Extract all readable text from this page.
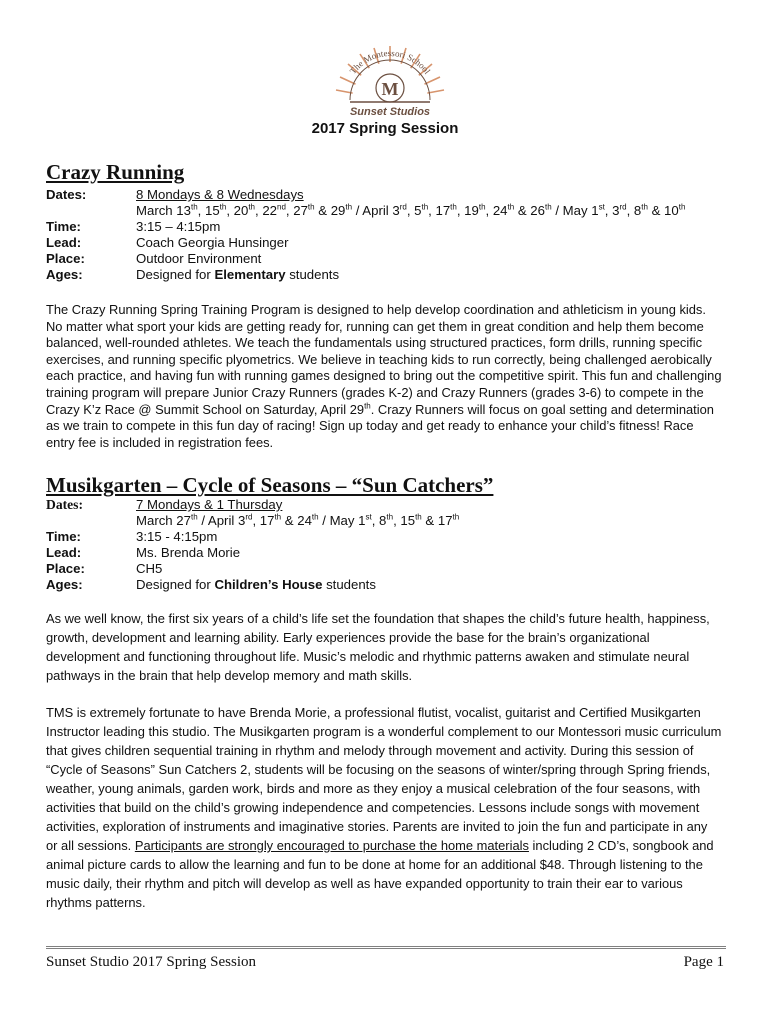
The Montessori School
M
Sunset Studios
2017 Spring Session
Crazy Running
Dates:	8 Mondays & 8 Wednesdays
March 13th, 15th, 20th, 22nd, 27th & 29th / April 3rd, 5th, 17th, 19th, 24th & 26th / May 1st, 3rd, 8th & 10th
Time:	3:15 – 4:15pm
Lead:	Coach Georgia Hunsinger
Place:	Outdoor Environment
Ages:	Designed for Elementary students
The Crazy Running Spring Training Program is designed to help develop coordination and athleticism in young kids. No matter what sport your kids are getting ready for, running can get them in great condition and help them become balanced, well-rounded athletes. We teach the fundamentals using structured practices, form drills, running specific exercises, and running specific plyometrics. We believe in teaching kids to run correctly, being challenged aerobically each practice, and having fun with running games designed to bring out the competitive spirit. This fun and challenging training program will prepare Junior Crazy Runners (grades K-2) and Crazy Runners (grades 3-6) to compete in the Crazy K’z Race @ Summit School on Saturday, April 29th. Crazy Runners will focus on goal setting and determination as we train to compete in this fun day of racing! Sign up today and get ready to enhance your child’s fitness! Race entry fee is included in registration fees.
Musikgarten – Cycle of Seasons – “Sun Catchers”
Dates:	7 Mondays & 1 Thursday
March 27th / April 3rd, 17th & 24th / May 1st, 8th, 15th & 17th
Time:	3:15 - 4:15pm
Lead:	Ms. Brenda Morie
Place:	CH5
Ages:	Designed for Children’s House students
As we well know, the first six years of a child’s life set the foundation that shapes the child’s future health, happiness, growth, development and learning ability. Early experiences provide the base for the brain’s organizational development and functioning throughout life. Music’s melodic and rhythmic patterns awaken and stimulate neural pathways in the brain that help develop memory and math skills.
TMS is extremely fortunate to have Brenda Morie, a professional flutist, vocalist, guitarist and Certified Musikgarten Instructor leading this studio. The Musikgarten program is a wonderful complement to our Montessori music curriculum that gives children sequential training in rhythm and melody through movement and activity. During this session of “Cycle of Seasons” Sun Catchers 2, students will be focusing on the seasons of winter/spring through Spring friends, weather, young animals, garden work, birds and more as they enjoy a musical celebration of the four seasons, with activities that build on the child’s growing independence and competencies. Lessons include songs with movement activities, exploration of instruments and imaginative stories. Parents are invited to join the fun and participate in any or all sessions. Participants are strongly encouraged to purchase the home materials including 2 CD’s, songbook and animal picture cards to allow the learning and fun to be done at home for an additional $48. Through listening to the music daily, their rhythm and pitch will develop as well as have expanded opportunity to train their ear to various rhythms patterns.
Sunset Studio 2017 Spring Session	Page 1
